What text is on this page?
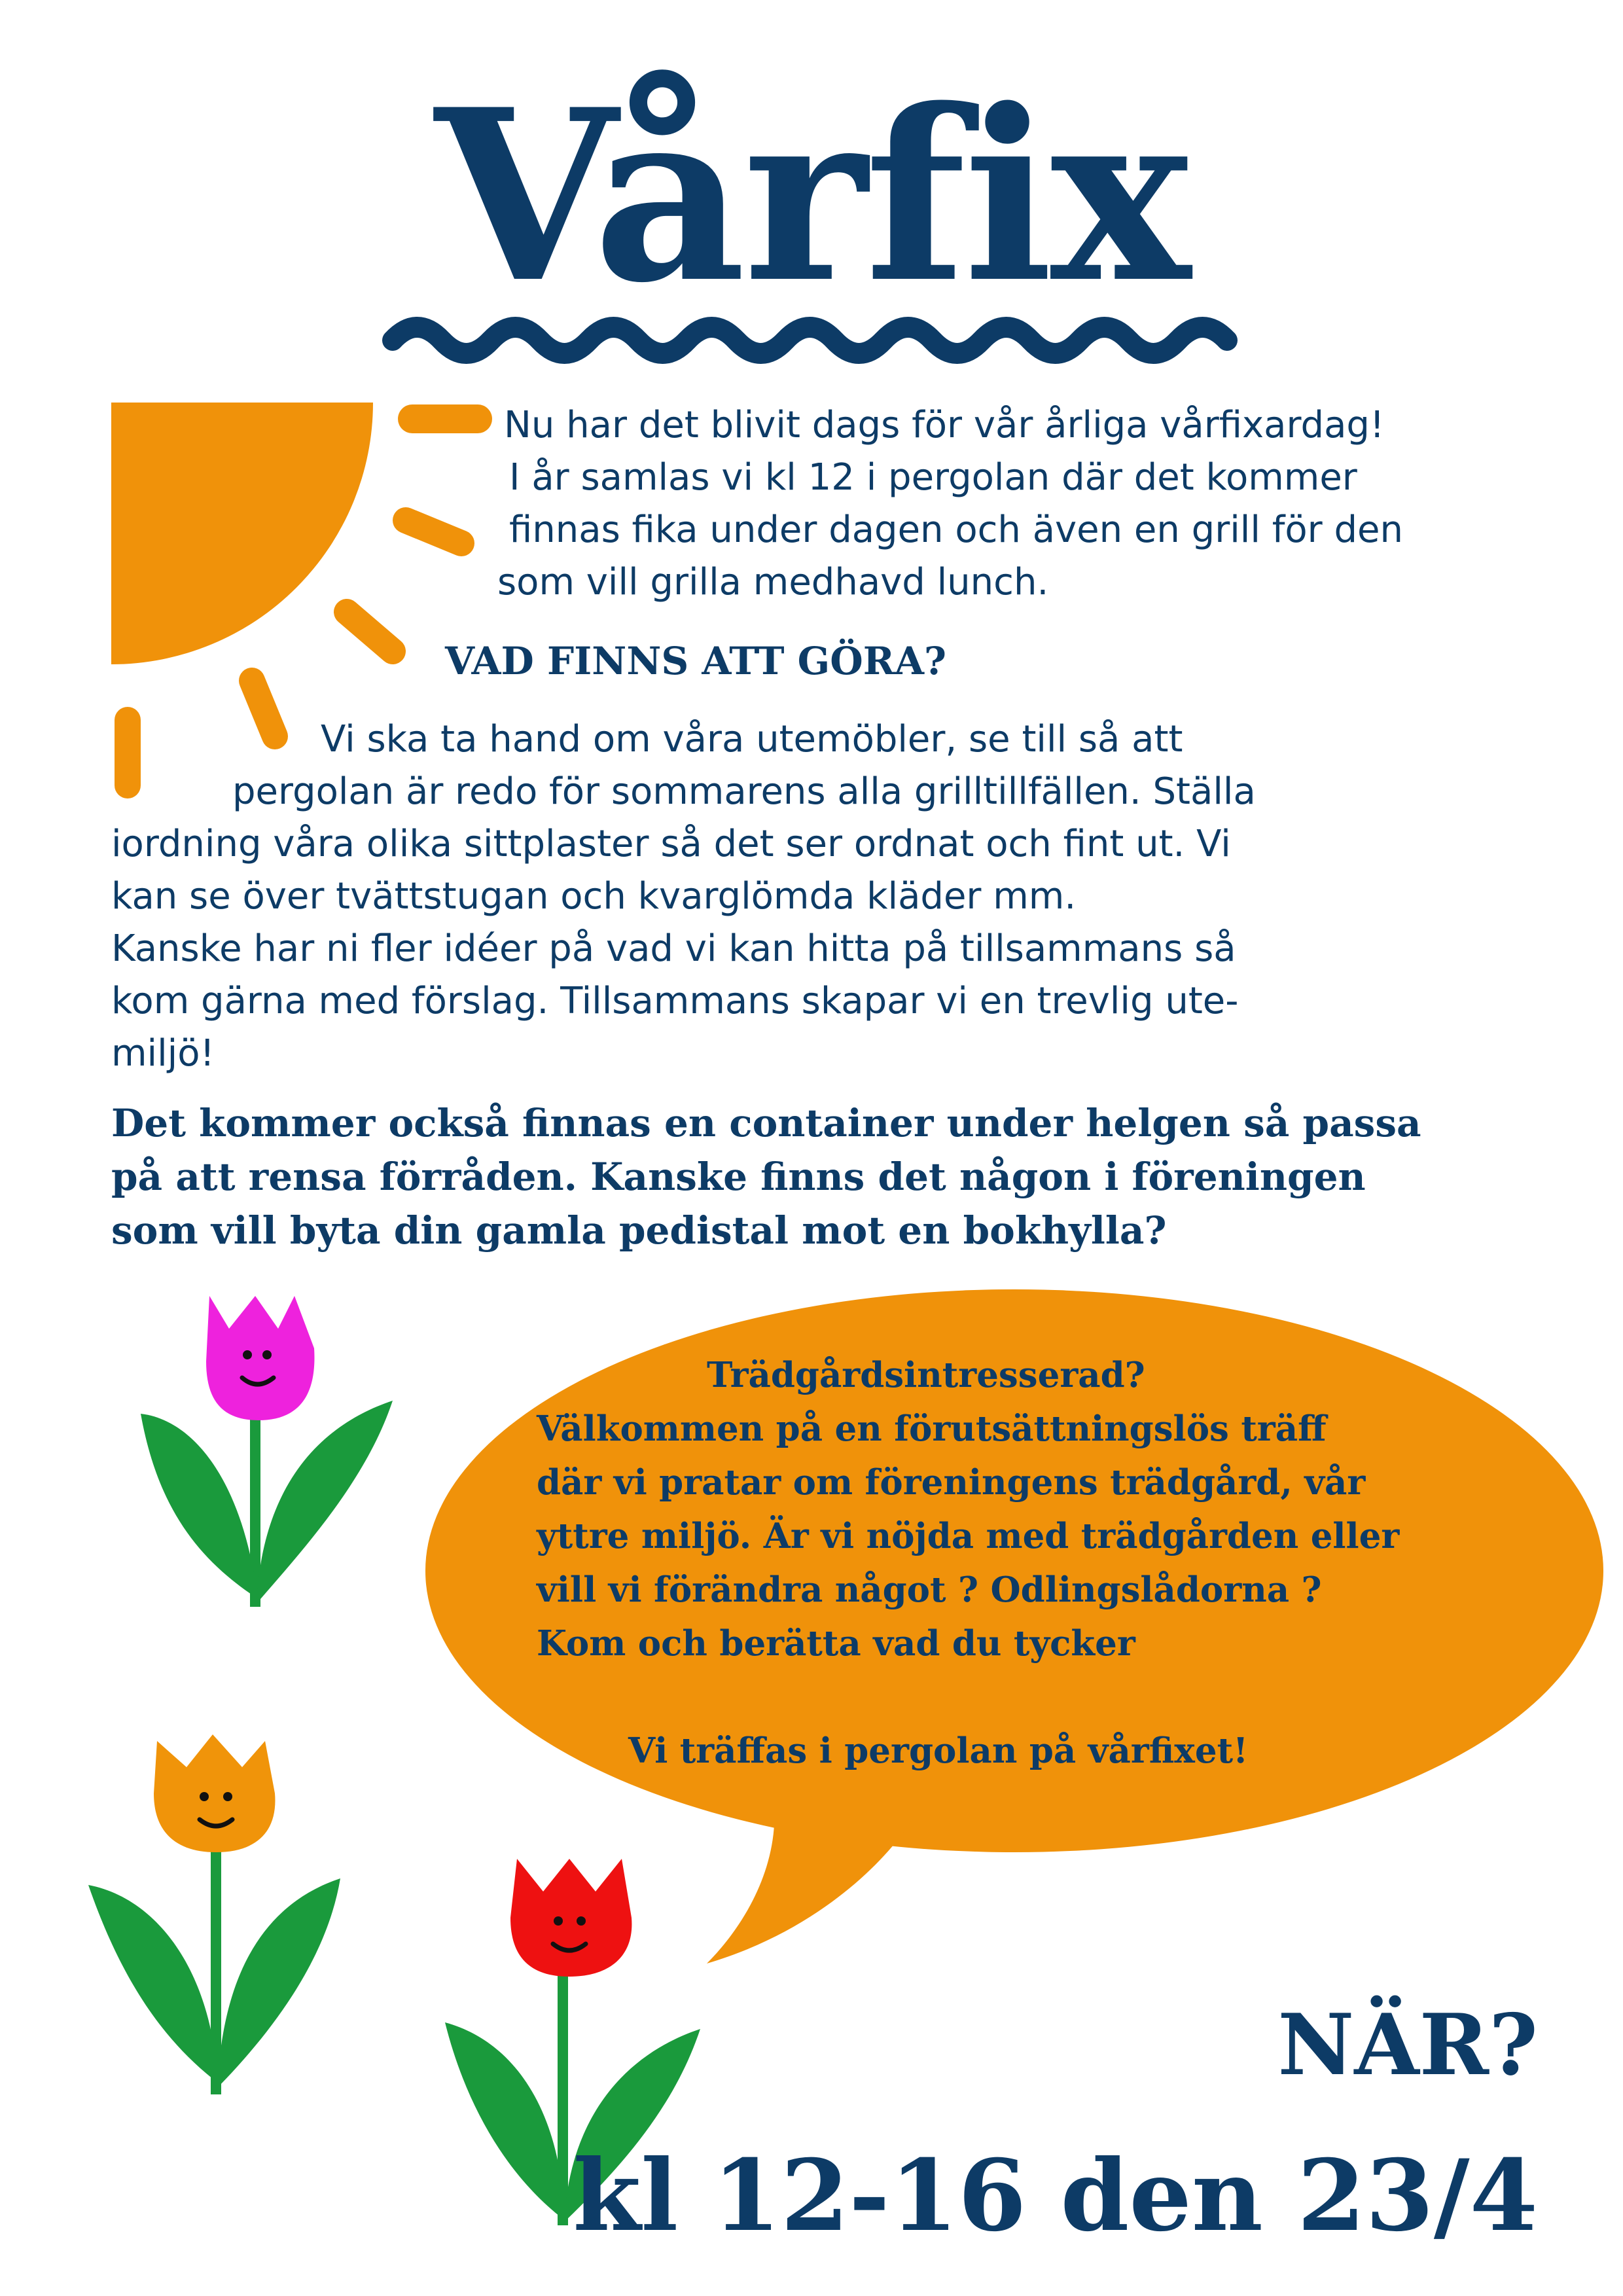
Vårfix
Nu har det blivit dags för vår årliga vårfixardag!
I år samlas vi kl 12 i pergolan där det kommer
finnas fika under dagen och även en grill för den
som vill grilla medhavd lunch.
VAD FINNS ATT GÖRA?
Vi ska ta hand om våra utemöbler, se till så att
pergolan är redo för sommarens alla grilltillfällen. Ställa
iordning våra olika sittplaster så det ser ordnat och fint ut. Vi
kan se över tvättstugan och kvarglömda kläder mm.
Kanske har ni fler idéer på vad vi kan hitta på tillsammans så
kom gärna med förslag. Tillsammans skapar vi en trevlig ute-
miljö!
Det kommer också finnas en container under helgen så passa
på att rensa förråden. Kanske finns det någon i föreningen
som vill byta din gamla pedistal mot en bokhylla?
Trädgårdsintresserad?
Välkommen på en förutsättningslös träff
där vi pratar om föreningens trädgård, vår
yttre miljö. Är vi nöjda med trädgården eller
vill vi förändra något ? Odlingslådorna ?
Kom och berätta vad du tycker
Vi träffas i pergolan på vårfixet!
NÄR?
kl 12-16 den 23/4
